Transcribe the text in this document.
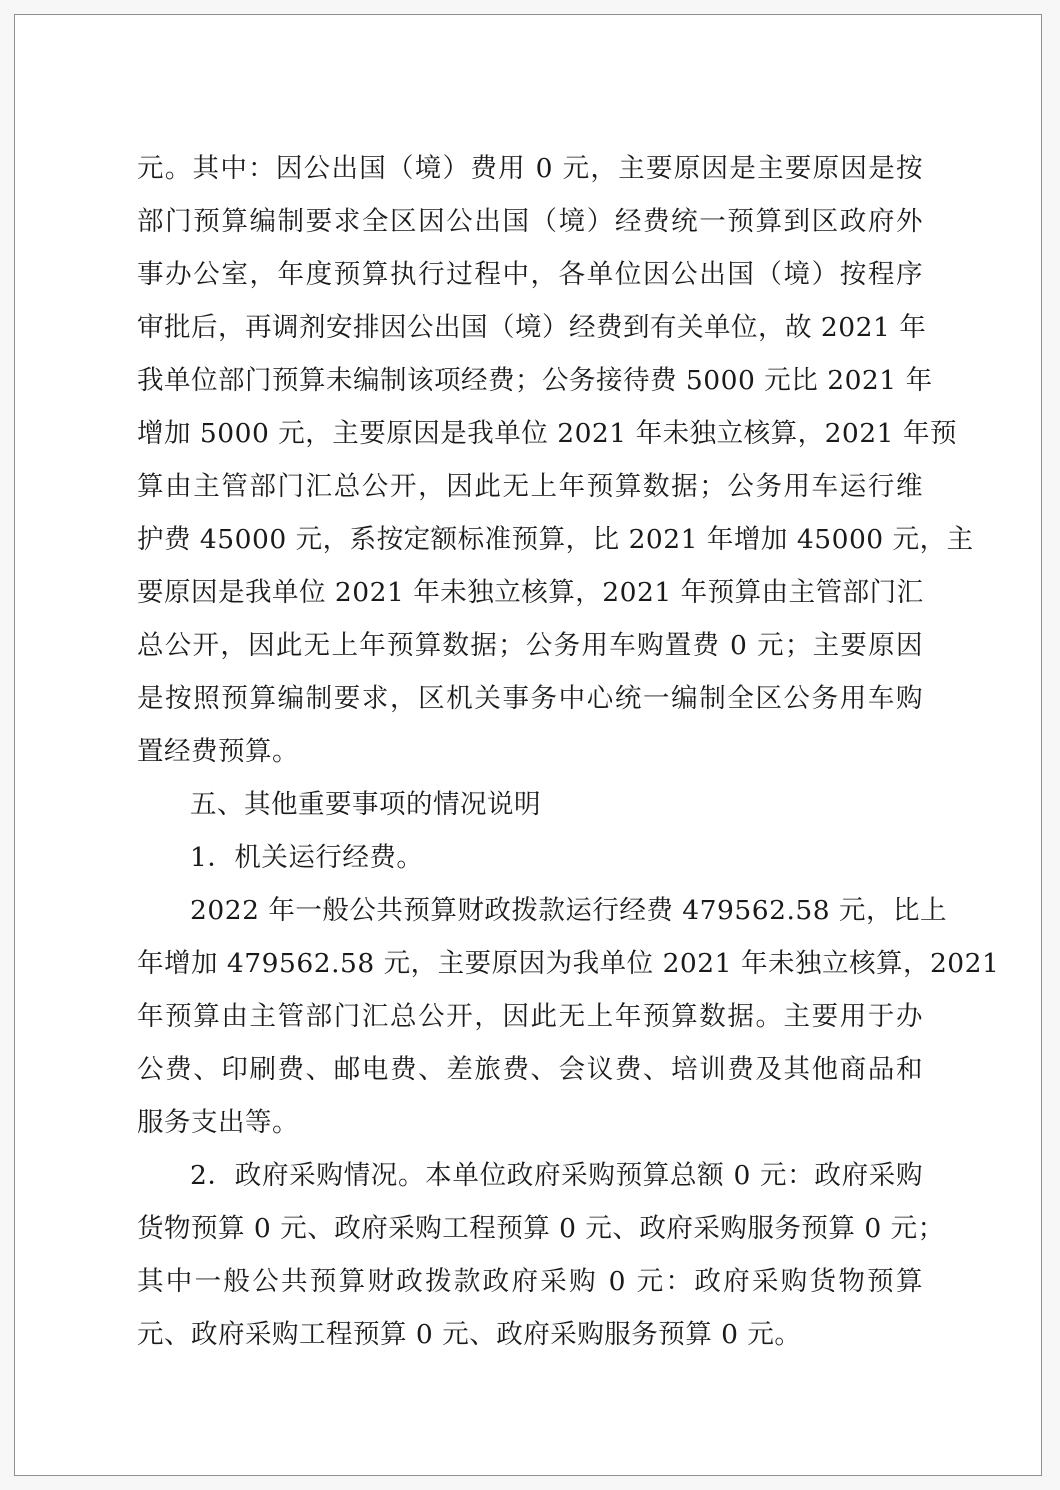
元。其中：因公出国（境）费用 0 元，主要原因是主要原因是按
部门预算编制要求全区因公出国（境）经费统一预算到区政府外
事办公室，年度预算执行过程中，各单位因公出国（境）按程序
审批后，再调剂安排因公出国（境）经费到有关单位，故 2021 年
我单位部门预算未编制该项经费；公务接待费 5000 元比 2021 年
增加 5000 元，主要原因是我单位 2021 年未独立核算，2021 年预
算由主管部门汇总公开，因此无上年预算数据；公务用车运行维
护费 45000 元，系按定额标准预算，比 2021 年增加 45000 元，主
要原因是我单位 2021 年未独立核算，2021 年预算由主管部门汇
总公开，因此无上年预算数据；公务用车购置费 0 元；主要原因
是按照预算编制要求，区机关事务中心统一编制全区公务用车购
置经费预算。
五、其他重要事项的情况说明
1．机关运行经费。
2022 年一般公共预算财政拨款运行经费 479562.58 元，比上
年增加 479562.58 元，主要原因为我单位 2021 年未独立核算，2021
年预算由主管部门汇总公开，因此无上年预算数据。主要用于办
公费、印刷费、邮电费、差旅费、会议费、培训费及其他商品和
服务支出等。
2．政府采购情况。本单位政府采购预算总额 0 元：政府采购
货物预算 0 元、政府采购工程预算 0 元、政府采购服务预算 0 元；
其中一般公共预算财政拨款政府采购 0 元：政府采购货物预算
元、政府采购工程预算 0 元、政府采购服务预算 0 元。
